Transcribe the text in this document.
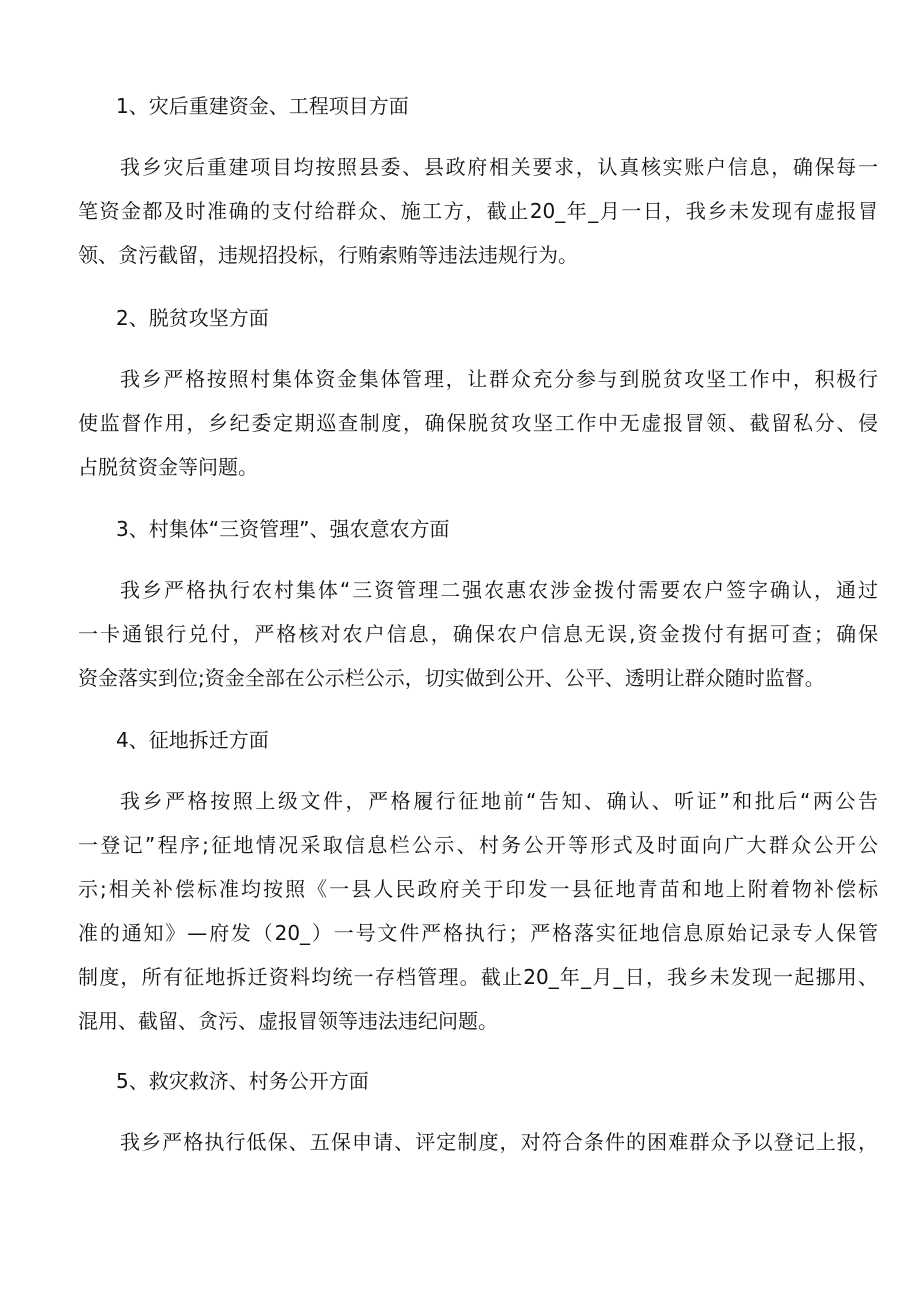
1、灾后重建资金、工程项目方面
我乡灾后重建项目均按照县委、县政府相关要求，认真核实账户信息，确保每一
笔资金都及时准确的支付给群众、施工方，截止20_年_月一日，我乡未发现有虚报冒
领、贪污截留，违规招投标，行贿索贿等违法违规行为。
2、脱贫攻坚方面
我乡严格按照村集体资金集体管理，让群众充分参与到脱贫攻坚工作中，积极行
使监督作用，乡纪委定期巡查制度，确保脱贫攻坚工作中无虚报冒领、截留私分、侵
占脱贫资金等问题。
3、村集体“三资管理”、强农意农方面
我乡严格执行农村集体“三资管理二强农惠农涉金拨付需要农户签字确认，通过
一卡通银行兑付，严格核对农户信息，确保农户信息无误,资金拨付有据可查；确保
资金落实到位;资金全部在公示栏公示，切实做到公开、公平、透明让群众随时监督。
4、征地拆迁方面
我乡严格按照上级文件，严格履行征地前“告知、确认、听证”和批后“两公告
一登记”程序;征地情况采取信息栏公示、村务公开等形式及时面向广大群众公开公
示;相关补偿标准均按照《一县人民政府关于印发一县征地青苗和地上附着物补偿标
准的通知》—府发（20_）一号文件严格执行；严格落实征地信息原始记录专人保管
制度，所有征地拆迁资料均统一存档管理。截止20_年_月_日，我乡未发现一起挪用、
混用、截留、贪污、虚报冒领等违法违纪问题。
5、救灾救济、村务公开方面
我乡严格执行低保、五保申请、评定制度，对符合条件的困难群众予以登记上报，
